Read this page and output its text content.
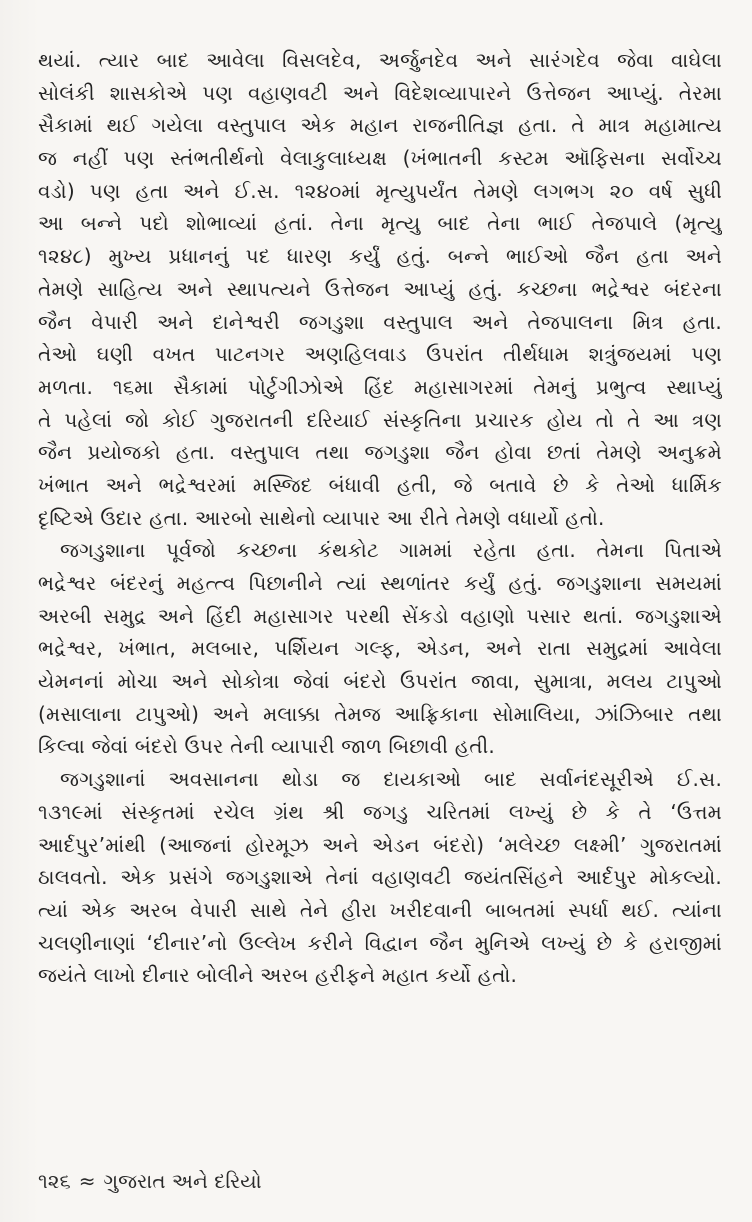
થયાં. ત્યાર બાદ આવેલા વિસલદેવ, અર્જુનદેવ અને સારંગદેવ જેવા વાઘેલા
સોલંકી શાસકોએ પણ વહાણવટી અને વિદેશવ્યાપારને ઉત્તેજન આપ્યું. તેરમા
સૈકામાં થઈ ગયેલા વસ્તુપાલ એક મહાન રાજનીતિજ્ઞ હતા. તે માત્ર મહામાત્ય
જ નહીં પણ સ્તંભતીર્થનો વેલાકુલાધ્યક્ષ (ખંભાતની કસ્ટમ ઑફિસના સર્વોચ્ચ
વડો) પણ હતા અને ઈ.સ. ૧૨૪૦માં મૃત્યુપર્યંત તેમણે લગભગ ૨૦ વર્ષ સુધી
આ બન્ને પદો શોભાવ્યાં હતાં. તેના મૃત્યુ બાદ તેના ભાઈ તેજપાલે (મૃત્યુ
૧૨૪૮) મુખ્ય પ્રધાનનું પદ ધારણ કર્યું હતું. બન્ને ભાઈઓ જૈન હતા અને
તેમણે સાહિત્ય અને સ્થાપત્યને ઉત્તેજન આપ્યું હતું. કચ્છના ભદ્રેશ્વર બંદરના
જૈન વેપારી અને દાનેશ્વરી જગડુશા વસ્તુપાલ અને તેજપાલના મિત્ર હતા.
તેઓ ઘણી વખત પાટનગર અણહિલવાડ ઉપરાંત તીર્થધામ શત્રુંજયમાં પણ
મળતા. ૧૬મા સૈકામાં પોર્ટુગીઝોએ હિંદ મહાસાગરમાં તેમનું પ્રભુત્વ સ્થાપ્યું
તે પહેલાં જો કોઈ ગુજરાતની દરિયાઈ સંસ્કૃતિના પ્રચારક હોય તો તે આ ત્રણ
જૈન પ્રયોજકો હતા. વસ્તુપાલ તથા જગડુશા જૈન હોવા છતાં તેમણે અનુક્રમે
ખંભાત અને ભદ્રેશ્વરમાં મસ્જિદ બંધાવી હતી, જે બતાવે છે કે તેઓ ધાર્મિક
દૃષ્ટિએ ઉદાર હતા. આરબો સાથેનો વ્યાપાર આ રીતે તેમણે વધાર્યો હતો.
જગડુશાના પૂર્વજો કચ્છના કંથકોટ ગામમાં રહેતા હતા. તેમના પિતાએ
ભદ્રેશ્વર બંદરનું મહત્ત્વ પિછાનીને ત્યાં સ્થળાંતર કર્યું હતું. જગડુશાના સમયમાં
અરબી સમુદ્ર અને હિંદી મહાસાગર પરથી સેંકડો વહાણો પસાર થતાં. જગડુશાએ
ભદ્રેશ્વર, ખંભાત, મલબાર, પર્શિયન ગલ્ફ, એડન, અને રાતા સમુદ્રમાં આવેલા
યેમનનાં મોચા અને સોકોત્રા જેવાં બંદરો ઉપરાંત જાવા, સુમાત્રા, મલય ટાપુઓ
(મસાલાના ટાપુઓ) અને મલાક્કા તેમજ આફ્રિકાના સોમાલિયા, ઝાંઝિબાર તથા
કિલ્વા જેવાં બંદરો ઉપર તેની વ્યાપારી જાળ બિછાવી હતી.
જગડુશાનાં અવસાનના થોડા જ દાયકાઓ બાદ સર્વાનંદસૂરીએ ઈ.સ.
૧૩૧૯માં સંસ્કૃતમાં રચેલ ગ્રંથ શ્રી જગડુ ચરિતમાં લખ્યું છે કે તે ‘ઉત્તમ
આર્દપુર’માંથી (આજનાં હોરમૂઝ અને એડન બંદરો) ‘મલેચ્છ લક્ષ્મી’ ગુજરાતમાં
ઠાલવતો. એક પ્રસંગે જગડુશાએ તેનાં વહાણવટી જયંતસિંહને આર્દપુર મોકલ્યો.
ત્યાં એક અરબ વેપારી સાથે તેને હીરા ખરીદવાની બાબતમાં સ્પર્ધા થઈ. ત્યાંના
ચલણીનાણાં ‘દીનાર’નો ઉલ્લેખ કરીને વિદ્વાન જૈન મુનિએ લખ્યું છે કે હરાજીમાં
જયંતે લાખો દીનાર બોલીને અરબ હરીફને મહાત કર્યો હતો.
૧૨૬ ≈ ગુજરાત અને દરિયો
